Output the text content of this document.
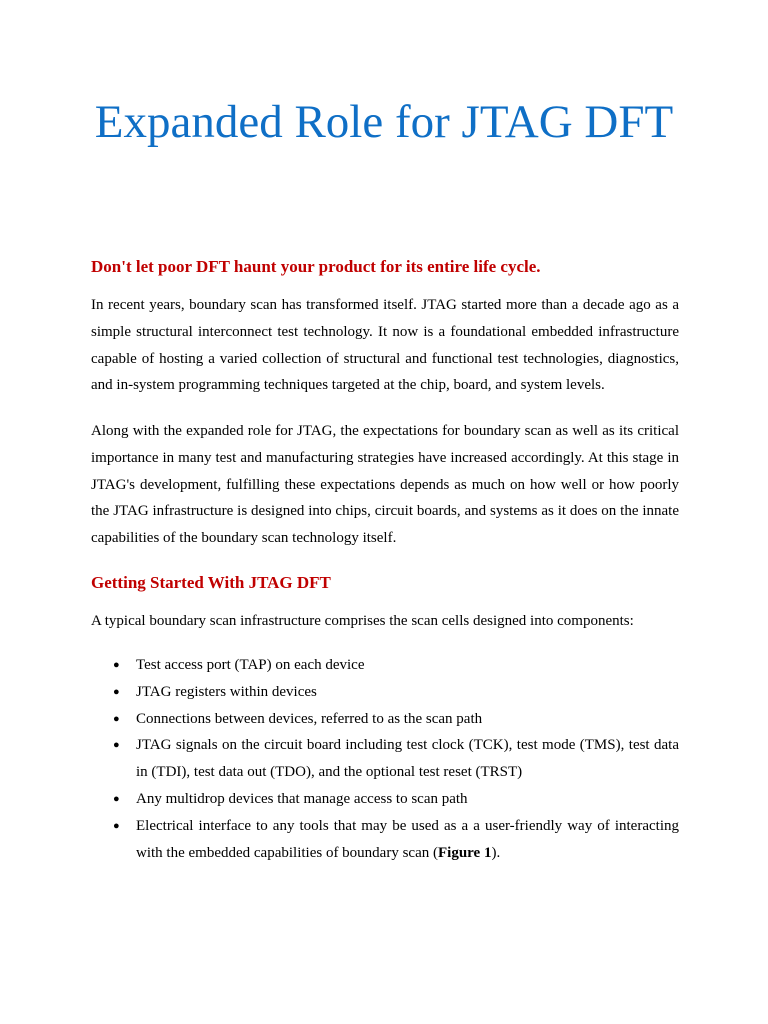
Expanded Role for JTAG DFT
Don't let poor DFT haunt your product for its entire life cycle.

In recent years, boundary scan has transformed itself. JTAG started more than a decade ago as a simple structural interconnect test technology. It now is a foundational embedded infrastructure capable of hosting a varied collection of structural and functional test technologies, diagnostics, and in-system programming techniques targeted at the chip, board, and system levels.

Along with the expanded role for JTAG, the expectations for boundary scan as well as its critical importance in many test and manufacturing strategies have increased accordingly. At this stage in JTAG's development, fulfilling these expectations depends as much on how well or how poorly the JTAG infrastructure is designed into chips, circuit boards, and systems as it does on the innate capabilities of the boundary scan technology itself.

Getting Started With JTAG DFT

A typical boundary scan infrastructure comprises the scan cells designed into components:

● Test access port (TAP) on each device
● JTAG registers within devices
● Connections between devices, referred to as the scan path
● JTAG signals on the circuit board including test clock (TCK), test mode (TMS), test data in (TDI), test data out (TDO), and the optional test reset (TRST)
● Any multidrop devices that manage access to scan path
● Electrical interface to any tools that may be used as a a user-friendly way of interacting with the embedded capabilities of boundary scan (Figure 1).
